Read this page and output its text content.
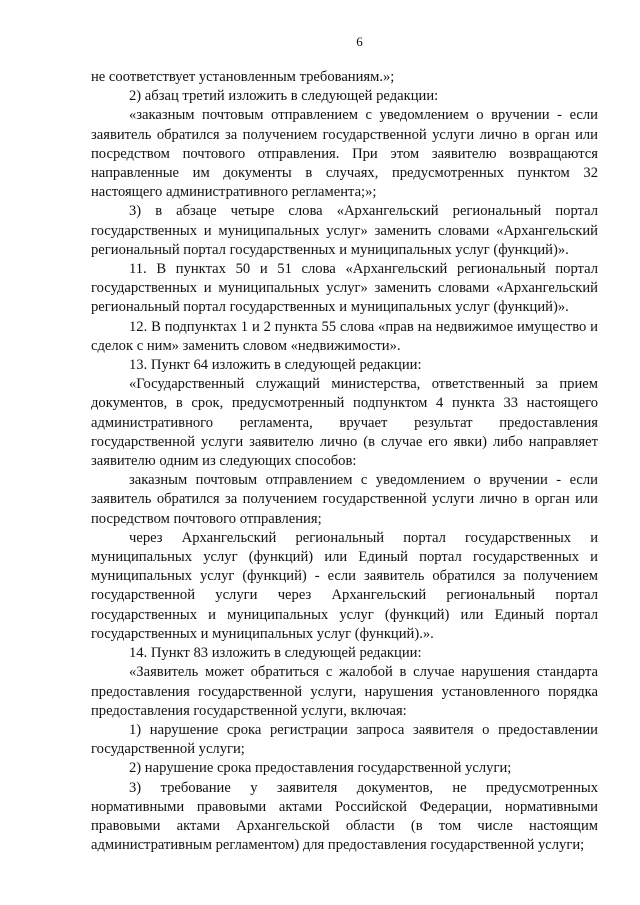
6

не соответствует установленным требованиям.»;

2) абзац третий изложить в следующей редакции:

«заказным почтовым отправлением с уведомлением о вручении - если заявитель обратился за получением государственной услуги лично в орган или посредством почтового отправления. При этом заявителю возвращаются направленные им документы в случаях, предусмотренных пунктом 32 настоящего административного регламента;»;

3) в абзаце четыре слова «Архангельский региональный портал государственных и муниципальных услуг» заменить словами «Архангельский региональный портал государственных и муниципальных услуг (функций)».

11. В пунктах 50 и 51 слова «Архангельский региональный портал государственных и муниципальных услуг» заменить словами «Архангельский региональный портал государственных и муниципальных услуг (функций)».

12. В подпунктах 1 и 2 пункта 55 слова «прав на недвижимое имущество и сделок с ним» заменить словом «недвижимости».

13. Пункт 64 изложить в следующей редакции:

«Государственный служащий министерства, ответственный за прием документов, в срок, предусмотренный подпунктом 4 пункта 33 настоящего административного регламента, вручает результат предоставления государственной услуги заявителю лично (в случае его явки) либо направляет заявителю одним из следующих способов:

заказным почтовым отправлением с уведомлением о вручении - если заявитель обратился за получением государственной услуги лично в орган или посредством почтового отправления;

через Архангельский региональный портал государственных и муниципальных услуг (функций) или Единый портал государственных и муниципальных услуг (функций) - если заявитель обратился за получением государственной услуги через Архангельский региональный портал государственных и муниципальных услуг (функций) или Единый портал государственных и муниципальных услуг (функций).».

14. Пункт 83 изложить в следующей редакции:

«Заявитель может обратиться с жалобой в случае нарушения стандарта предоставления государственной услуги, нарушения установленного порядка предоставления государственной услуги, включая:

1) нарушение срока регистрации запроса заявителя о предоставлении государственной услуги;

2) нарушение срока предоставления государственной услуги;

3) требование у заявителя документов, не предусмотренных нормативными правовыми актами Российской Федерации, нормативными правовыми актами Архангельской области (в том числе настоящим административным регламентом) для предоставления государственной услуги;
